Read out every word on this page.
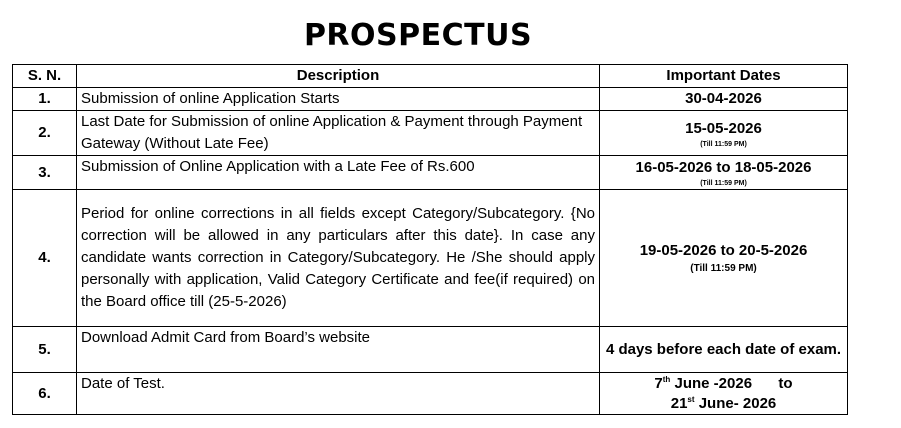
PROSPECTUS
S. N.	Description	Important Dates
1.	Submission of online Application Starts	30-04-2026
2.	Last Date for Submission of online Application & Payment through Payment Gateway (Without Late Fee)	15-05-2026
(Till 11:59 PM)

3.	Submission of Online Application with a Late Fee of Rs.600	16-05-2026 to 18-05-2026
(Till 11:59 PM)

4.	Period for online corrections in all fields except Category/Subcategory. {No correction will be allowed in any particulars after this date}. In case any candidate wants correction in Category/Subcategory. He /She should apply personally with application, Valid Category Certificate and fee(if required) on the Board office till (25-5-2026)	19-05-2026 to 20-5-2026
(Till 11:59 PM)

5.	Download Admit Card from Board’s website	4 days before each date of exam.
6.	Date of Test.	7th June -2026 to
21st June- 2026
